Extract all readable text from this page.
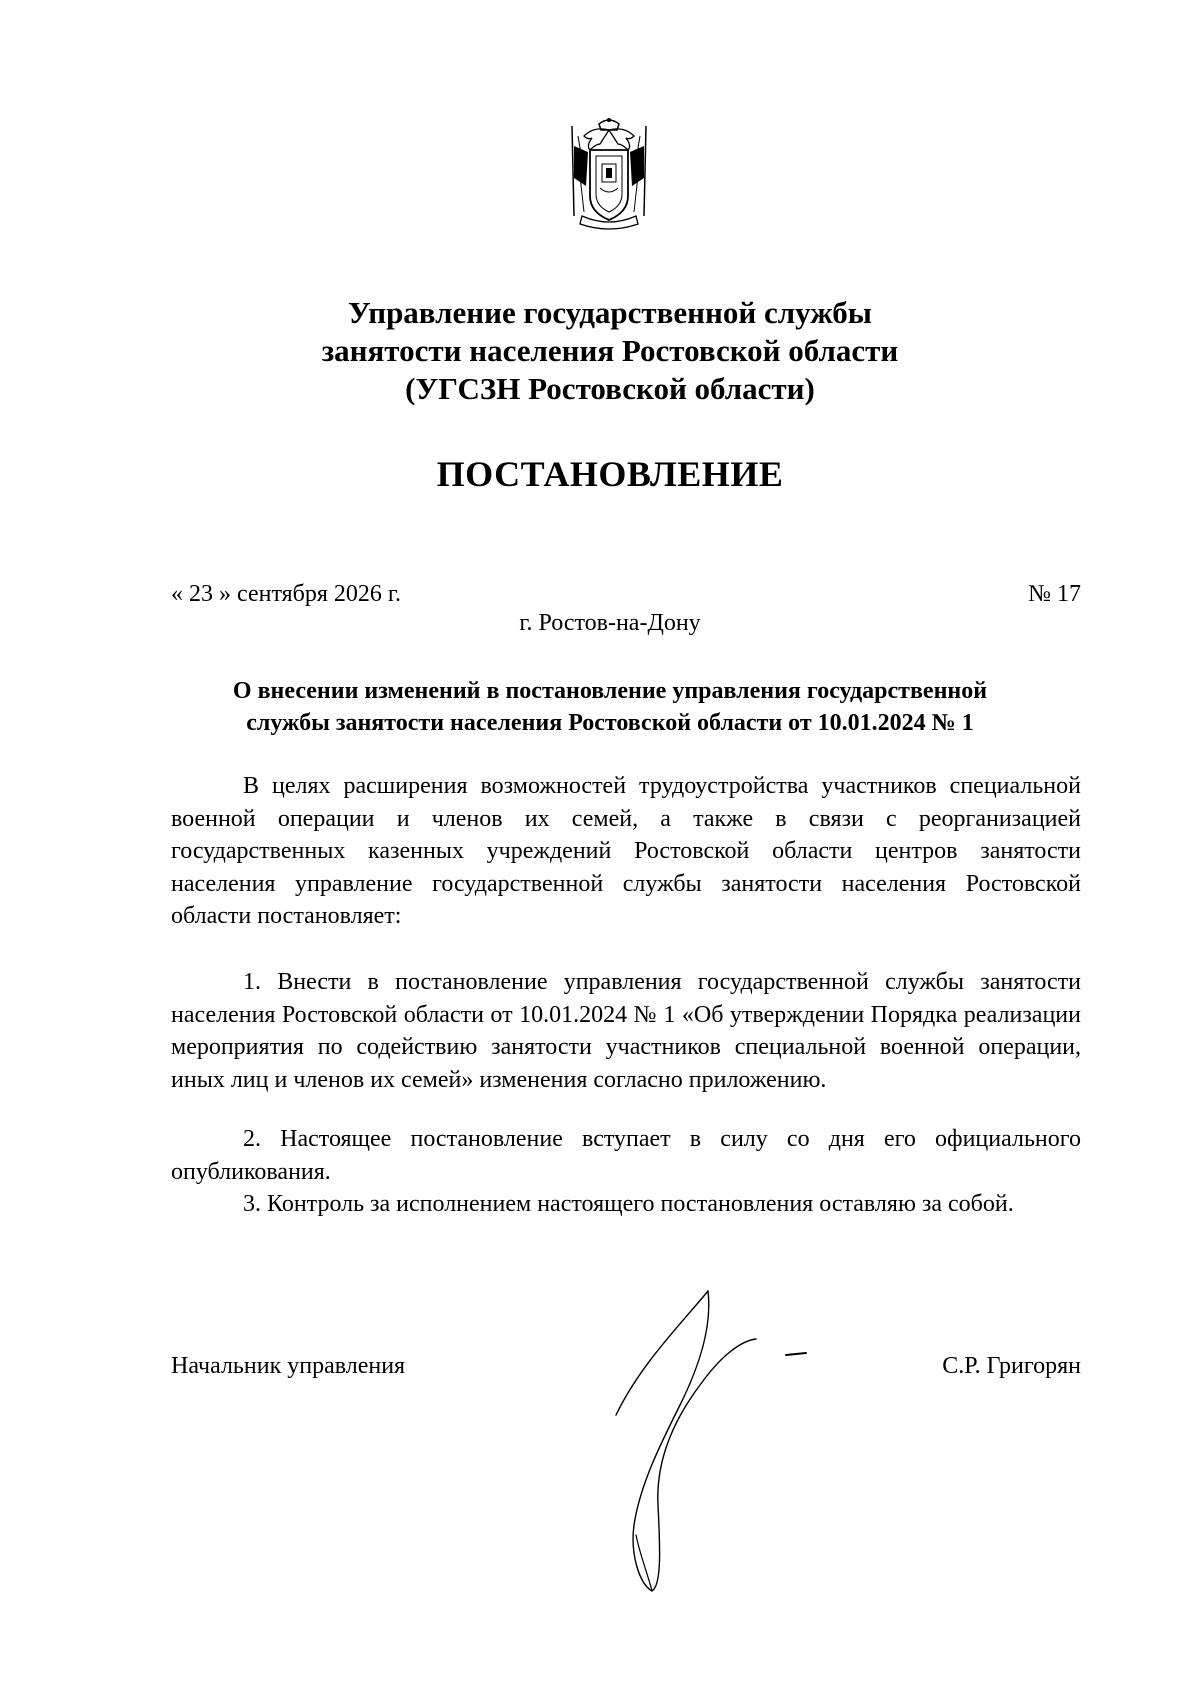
Управление государственной службы
занятости населения Ростовской области
(УГСЗН Ростовской области)
ПОСТАНОВЛЕНИЕ
« 23 » сентября 2026 г.	№ 17
г. Ростов-на-Дону
О внесении изменений в постановление управления государственной
службы занятости населения Ростовской области от 10.01.2024 № 1
В целях расширения возможностей трудоустройства участников специальной военной операции и членов их семей, а также в связи с реорганизацией государственных казенных учреждений Ростовской области центров занятости населения управление государственной службы занятости населения Ростовской области постановляет:
1. Внести в постановление управления государственной службы занятости населения Ростовской области от 10.01.2024 № 1 «Об утверждении Порядка реализации мероприятия по содействию занятости участников специальной военной операции, иных лиц и членов их семей» изменения согласно приложению.
2. Настоящее постановление вступает в силу со дня его официального опубликования.
3. Контроль за исполнением настоящего постановления оставляю за собой.
Начальник управления	С.Р. Григорян
